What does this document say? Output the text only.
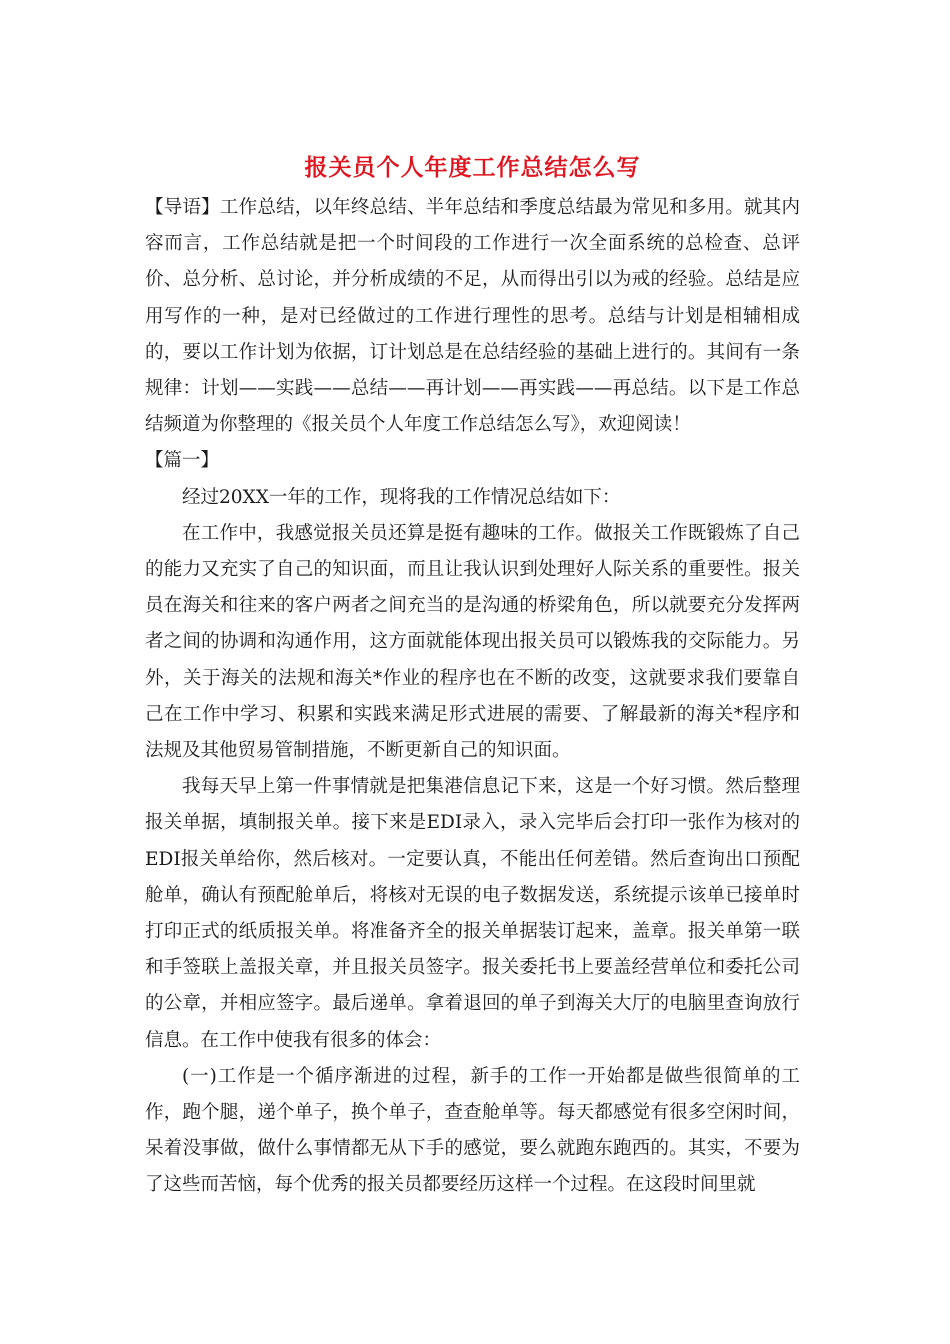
报关员个人年度工作总结怎么写

【导语】工作总结，以年终总结、半年总结和季度总结最为常见和多用。就其内容而言，工作总结就是把一个时间段的工作进行一次全面系统的总检查、总评价、总分析、总讨论，并分析成绩的不足，从而得出引以为戒的经验。总结是应用写作的一种，是对已经做过的工作进行理性的思考。总结与计划是相辅相成的，要以工作计划为依据，订计划总是在总结经验的基础上进行的。其间有一条规律：计划——实践——总结——再计划——再实践——再总结。以下是工作总结频道为你整理的《报关员个人年度工作总结怎么写》，欢迎阅读！

【篇一】

经过20XX一年的工作，现将我的工作情况总结如下：

在工作中，我感觉报关员还算是挺有趣味的工作。做报关工作既锻炼了自己的能力又充实了自己的知识面，而且让我认识到处理好人际关系的重要性。报关员在海关和往来的客户两者之间充当的是沟通的桥梁角色，所以就要充分发挥两者之间的协调和沟通作用，这方面就能体现出报关员可以锻炼我的交际能力。另外，关于海关的法规和海关*作业的程序也在不断的改变，这就要求我们要靠自己在工作中学习、积累和实践来满足形式进展的需要、了解最新的海关*程序和法规及其他贸易管制措施，不断更新自己的知识面。

我每天早上第一件事情就是把集港信息记下来，这是一个好习惯。然后整理报关单据，填制报关单。接下来是EDI录入，录入完毕后会打印一张作为核对的EDI报关单给你，然后核对。一定要认真，不能出任何差错。然后查询出口预配舱单，确认有预配舱单后，将核对无误的电子数据发送，系统提示该单已接单时打印正式的纸质报关单。将准备齐全的报关单据装订起来，盖章。报关单第一联和手签联上盖报关章，并且报关员签字。报关委托书上要盖经营单位和委托公司的公章，并相应签字。最后递单。拿着退回的单子到海关大厅的电脑里查询放行信息。在工作中使我有很多的体会：

(一)工作是一个循序渐进的过程，新手的工作一开始都是做些很简单的工作，跑个腿，递个单子，换个单子，查查舱单等。每天都感觉有很多空闲时间，呆着没事做，做什么事情都无从下手的感觉，要么就跑东跑西的。其实，不要为了这些而苦恼，每个优秀的报关员都要经历这样一个过程。在这段时间里就
